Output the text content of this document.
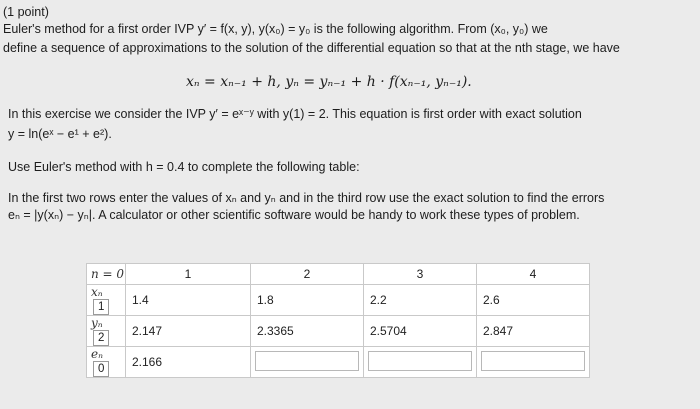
(1 point)
Euler's method for a first order IVP y′ = f(x, y), y(x₀) = y₀ is the following algorithm. From (x₀, y₀) we
define a sequence of approximations to the solution of the differential equation so that at the nth stage, we have
xₙ = xₙ₋₁ + h, yₙ = yₙ₋₁ + h · f(xₙ₋₁, yₙ₋₁).
In this exercise we consider the IVP y′ = eˣ⁻ʸ with y(1) = 2. This equation is first order with exact solution
y = ln(eˣ − e¹ + e²).
Use Euler's method with h = 0.4 to complete the following table:
In the first two rows enter the values of xₙ and yₙ and in the third row use the exact solution to find the errors
eₙ = |y(xₙ) − yₙ|. A calculator or other scientific software would be handy to work these types of problem.
n = 0	1	2	3	4
xₙ 1	1.4	1.8	2.2	2.6
yₙ 2	2.147	2.3365	2.5704	2.847
eₙ 0	2.166			
